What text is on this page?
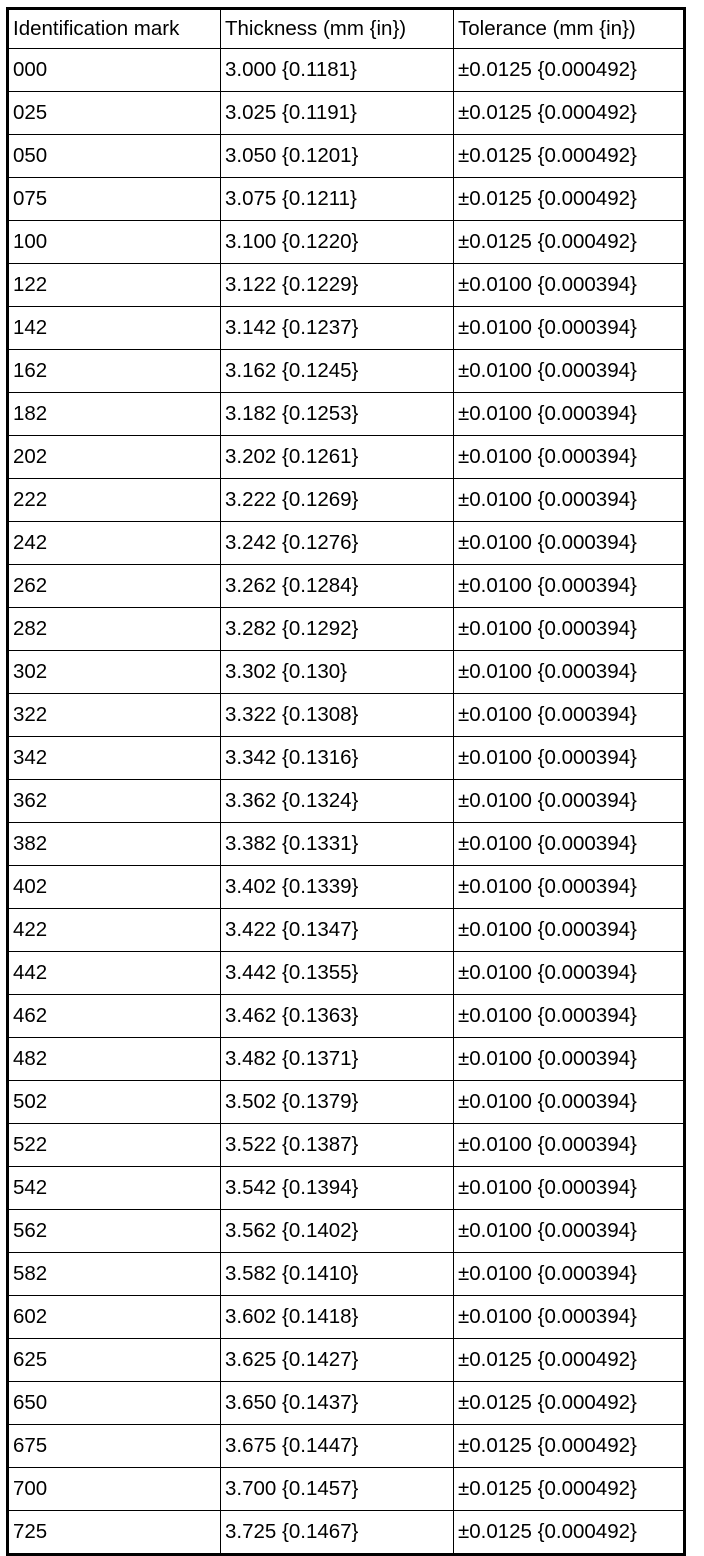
Identification mark	Thickness (mm {in})	Tolerance (mm {in})
000	3.000 {0.1181}	±0.0125 {0.000492}
025	3.025 {0.1191}	±0.0125 {0.000492}
050	3.050 {0.1201}	±0.0125 {0.000492}
075	3.075 {0.1211}	±0.0125 {0.000492}
100	3.100 {0.1220}	±0.0125 {0.000492}
122	3.122 {0.1229}	±0.0100 {0.000394}
142	3.142 {0.1237}	±0.0100 {0.000394}
162	3.162 {0.1245}	±0.0100 {0.000394}
182	3.182 {0.1253}	±0.0100 {0.000394}
202	3.202 {0.1261}	±0.0100 {0.000394}
222	3.222 {0.1269}	±0.0100 {0.000394}
242	3.242 {0.1276}	±0.0100 {0.000394}
262	3.262 {0.1284}	±0.0100 {0.000394}
282	3.282 {0.1292}	±0.0100 {0.000394}
302	3.302 {0.130}	±0.0100 {0.000394}
322	3.322 {0.1308}	±0.0100 {0.000394}
342	3.342 {0.1316}	±0.0100 {0.000394}
362	3.362 {0.1324}	±0.0100 {0.000394}
382	3.382 {0.1331}	±0.0100 {0.000394}
402	3.402 {0.1339}	±0.0100 {0.000394}
422	3.422 {0.1347}	±0.0100 {0.000394}
442	3.442 {0.1355}	±0.0100 {0.000394}
462	3.462 {0.1363}	±0.0100 {0.000394}
482	3.482 {0.1371}	±0.0100 {0.000394}
502	3.502 {0.1379}	±0.0100 {0.000394}
522	3.522 {0.1387}	±0.0100 {0.000394}
542	3.542 {0.1394}	±0.0100 {0.000394}
562	3.562 {0.1402}	±0.0100 {0.000394}
582	3.582 {0.1410}	±0.0100 {0.000394}
602	3.602 {0.1418}	±0.0100 {0.000394}
625	3.625 {0.1427}	±0.0125 {0.000492}
650	3.650 {0.1437}	±0.0125 {0.000492}
675	3.675 {0.1447}	±0.0125 {0.000492}
700	3.700 {0.1457}	±0.0125 {0.000492}
725	3.725 {0.1467}	±0.0125 {0.000492}
